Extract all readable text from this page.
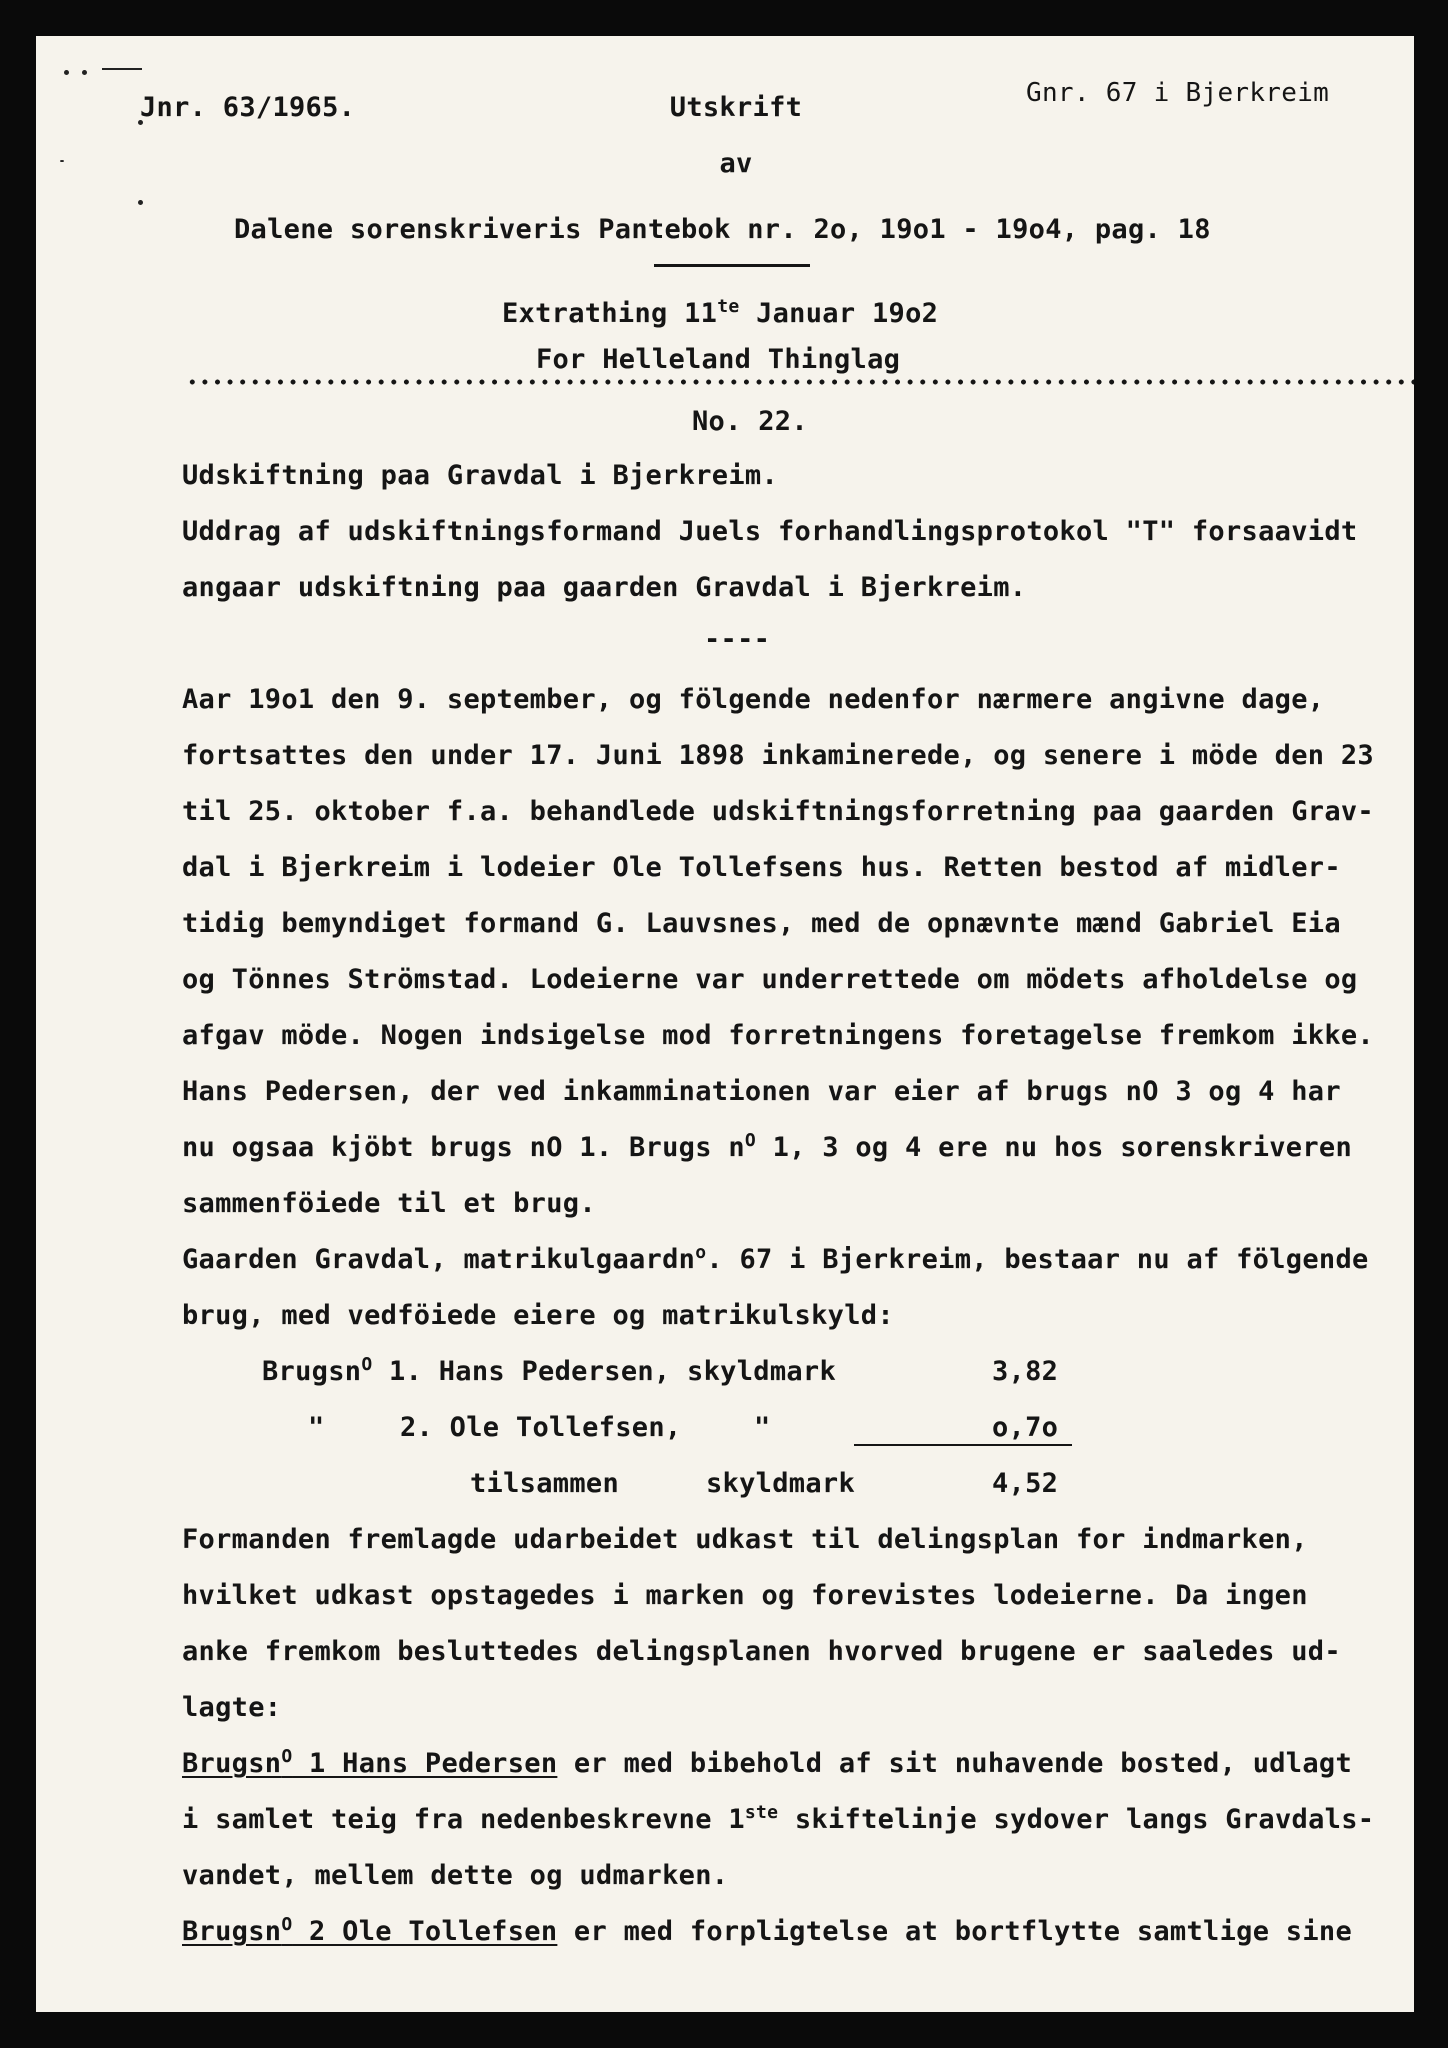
Jnr. 63/1965.	Utskrift
av
Gnr. 67 i Bjerkreim
Dalene sorenskriveris Pantebok nr. 2o, 19o1 - 19o4, pag. 18
Extrathing $11^{te}$ Januar 19o2
For Helleland Thinglag
No. 22.
Udskiftning paa Gravdal i Bjerkreim.
Uddrag af udskiftningsformand Juels forhandlingsprotokol "T" forsaavidt
angaar udskiftning paa gaarden Gravdal i Bjerkreim.
----
Aar 19o1 den 9. september, og fölgende nedenfor nærmere angivne dage,
fortsattes den under 17. Juni 1898 inkaminerede, og senere i möde den 23
til 25. oktober f.a. behandlede udskiftningsforretning paa gaarden Grav-
dal i Bjerkreim i lodeier Ole Tollefsens hus. Retten bestod af midler-
tidig bemyndiget formand G. Lauvsnes, med de opnævnte mænd Gabriel Eia
og Tönnes Strömstad. Lodeierne var underrettede om mödets afholdelse og
afgav möde. Nogen indsigelse mod forretningens foretagelse fremkom ikke.
Hans Pedersen, der ved inkamminationen var eier af brugs nO 3 og 4 har
nu ogsaa kjöbt brugs nO 1. Brugs $n^O$ 1, 3 og 4 ere nu hos sorenskriveren
sammenföiede til et brug.
Gaarden Gravdal, matrikulgaardn$^o$. 67 i Bjerkreim, bestaar nu af fölgende
brug, med vedföiede eiere og matrikulskyld:
Brugsn$^O$ 1. Hans Pedersen, skyldmark	3,82
"	2. Ole Tollefsen,	"	o,7o
tilsammen	skyldmark	4,52
Formanden fremlagde udarbeidet udkast til delingsplan for indmarken,
hvilket udkast opstagedes i marken og forevistes lodeierne. Da ingen
anke fremkom besluttedes delingsplanen hvorved brugene er saaledes ud-
lagte:
Brugsn$^O$ 1 Hans Pedersen er med bibehold af sit nuhavende bosted, udlagt
i samlet teig fra nedenbeskrevne 1ste skiftelinje sydover langs Gravdals-
vandet, mellem dette og udmarken.
Brugsn$^O$ 2 Ole Tollefsen er med forpligtelse at bortflytte samtlige sine
